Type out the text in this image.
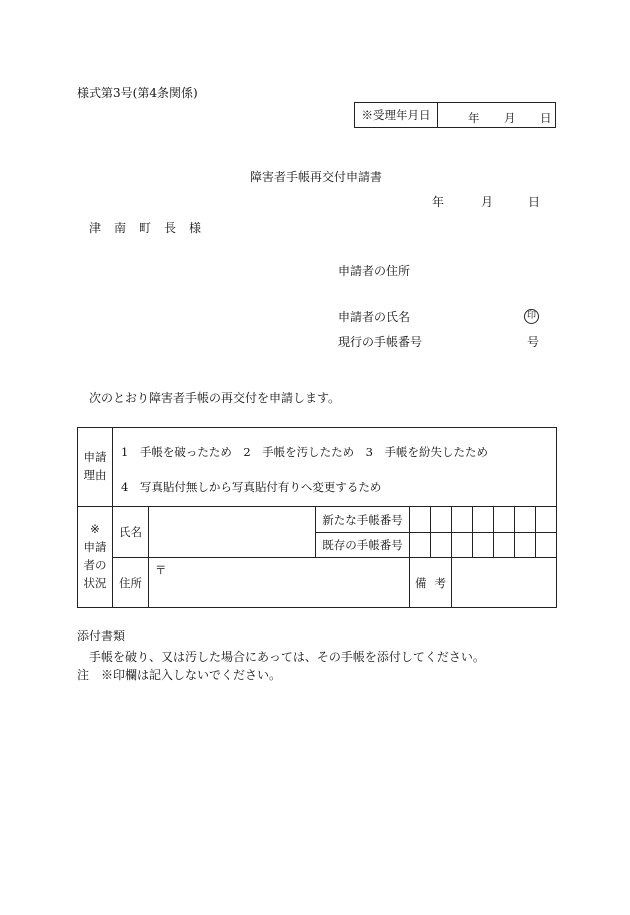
様式第3号(第4条関係)
※受理年月日	年 月 日
障害者手帳再交付申請書
年	月	日
津　南　町　長　様
申請者の住所
申請者の氏名	印
現行の手帳番号	号
次のとおり障害者手帳の再交付を申請します。
申請
理由	1　手帳を破ったため　2　手帳を汚したため　3　手帳を紛失したため
4　写真貼付無しから写真貼付有りへ変更するため									

※
申請
者の
状況	氏名		新たな手帳番号							
			既存の手帳番号							
	住所	〒		備 考						
添付書類
手帳を破り、又は汚した場合にあっては、その手帳を添付してください。
注　※印欄は記入しないでください。
